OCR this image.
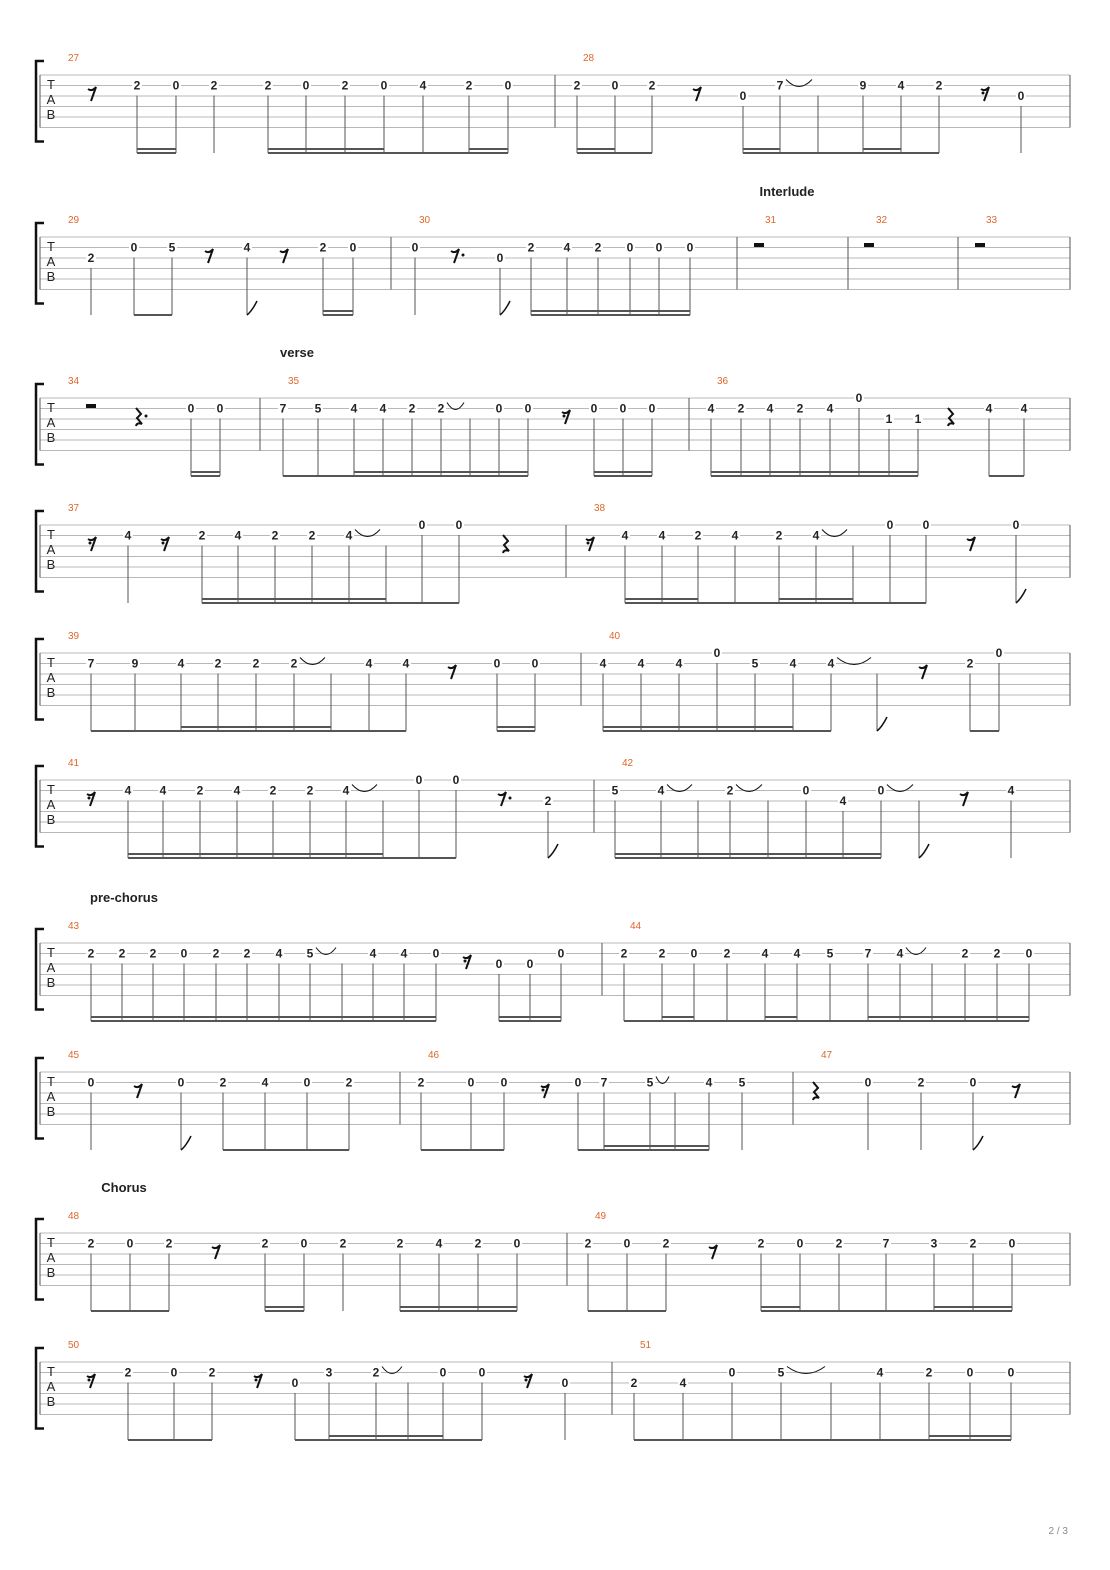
T
A
B
27
2	0	2	2	0	2	0	4	2	0
28
2	0	2
0
7	9	4	2
0
T
A
B
Interlude
29
2
0	5	4	2 0
30
0
0
2 4 2 0 0 0
31	32	33
T
A
B
verse
34
0 0
35
7 5 4 4 2 2	0 0	0 0 0
36
4 2 4 2 4
0
1 1
4 4
T
A
B
37
4	2 4	2	2	4
0	0
38
4	4 2	4	2	4
0 0	0
T
A
B
39
7	9	4	2	2	2	4	4	0	0
40
4	4	4
0
5	4	4	2
0
T
A
B
41
4 4	2	4 2	2 4
0	0
2
42
5	4	2	0
4
0	4
T
A
B
pre-chorus
43
2 2 2 0 2 2 4 5	4 4 0
0 0
0
44
2	2 0 2	4 4 5	7 4	2 2 0
T
A
B
45
0	0	2	4	0	2
46
2	0 0	0 7	5	4 5
47
0	2	0
T
A
B
Chorus
48
2	0	2	2	0	2	2	4	2	0
49
2	0	2	2	0	2	7	3	2	0
T
A
B
50
2	0	2
0
3	2	0	0
0
51
2	4
0	5	4	2	0	0
2 / 3
